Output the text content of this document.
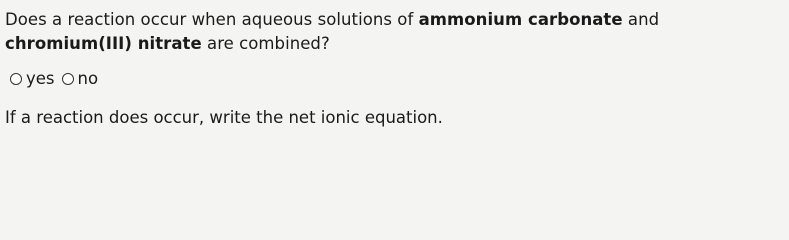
Does a reaction occur when aqueous solutions of ammonium carbonate and chromium(III) nitrate are combined?
yes no
If a reaction does occur, write the net ionic equation.
